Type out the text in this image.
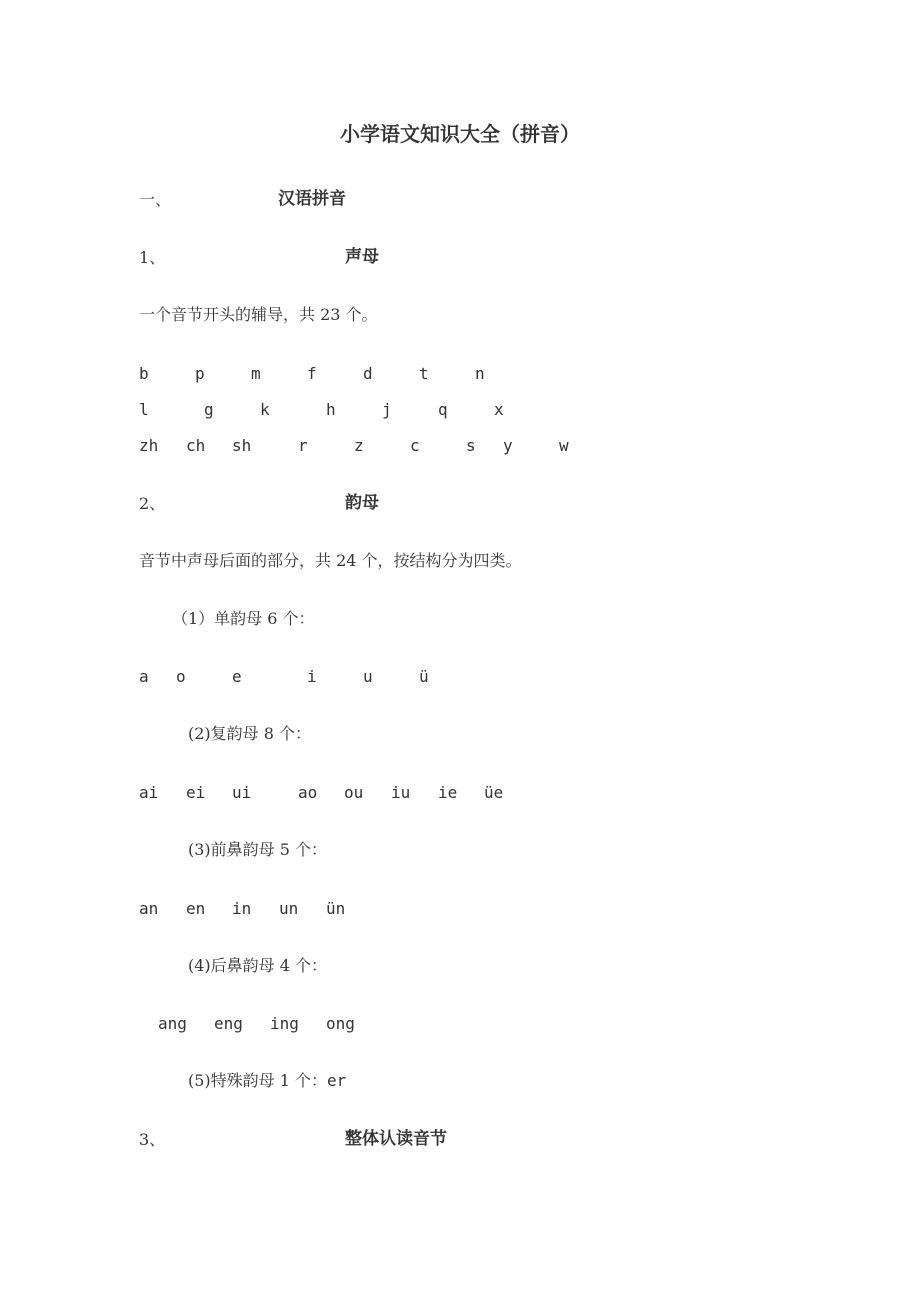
小学语文知识大全（拼音）
一、	汉语拼音
1、	声母
一个音节开头的辅导，共 23 个。
b	p	m	f	d	t	n
l	g	k	h	j	q	x
zh ch sh	r	z	c	s y	w
2、	韵母
音节中声母后面的部分，共 24 个，按结构分为四类。
（1）单韵母 6 个：
a o	e	i	u	ü
(2)复韵母 8 个：
ai ei ui	ao ou iu ie üe
(3)前鼻韵母 5 个：
an en in un ün
(4)后鼻韵母 4 个：
ang eng ing ong
(5)特殊韵母 1 个：er
3、	整体认读音节
